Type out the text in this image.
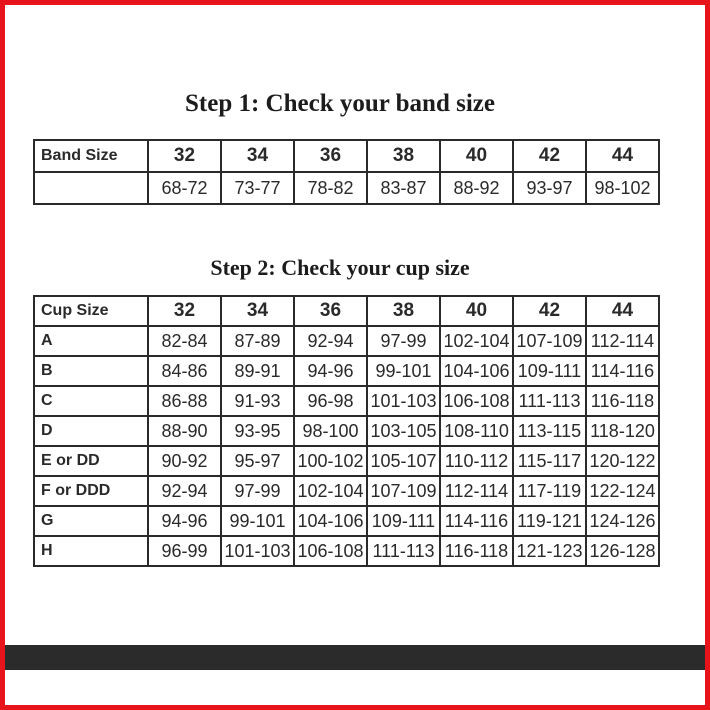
Step 1: Check your band size
Band Size	32	34	36	38	40	42	44
	68-72	73-77	78-82	83-87	88-92	93-97	98-102
Step 2: Check your cup size
Cup Size	32	34	36	38	40	42	44
A	82-84	87-89	92-94	97-99	102-104	107-109	112-114
B	84-86	89-91	94-96	99-101	104-106	109-111	114-116
C	86-88	91-93	96-98	101-103	106-108	111-113	116-118
D	88-90	93-95	98-100	103-105	108-110	113-115	118-120
E or DD	90-92	95-97	100-102	105-107	110-112	115-117	120-122
F or DDD	92-94	97-99	102-104	107-109	112-114	117-119	122-124
G	94-96	99-101	104-106	109-111	114-116	119-121	124-126
H	96-99	101-103	106-108	111-113	116-118	121-123	126-128
